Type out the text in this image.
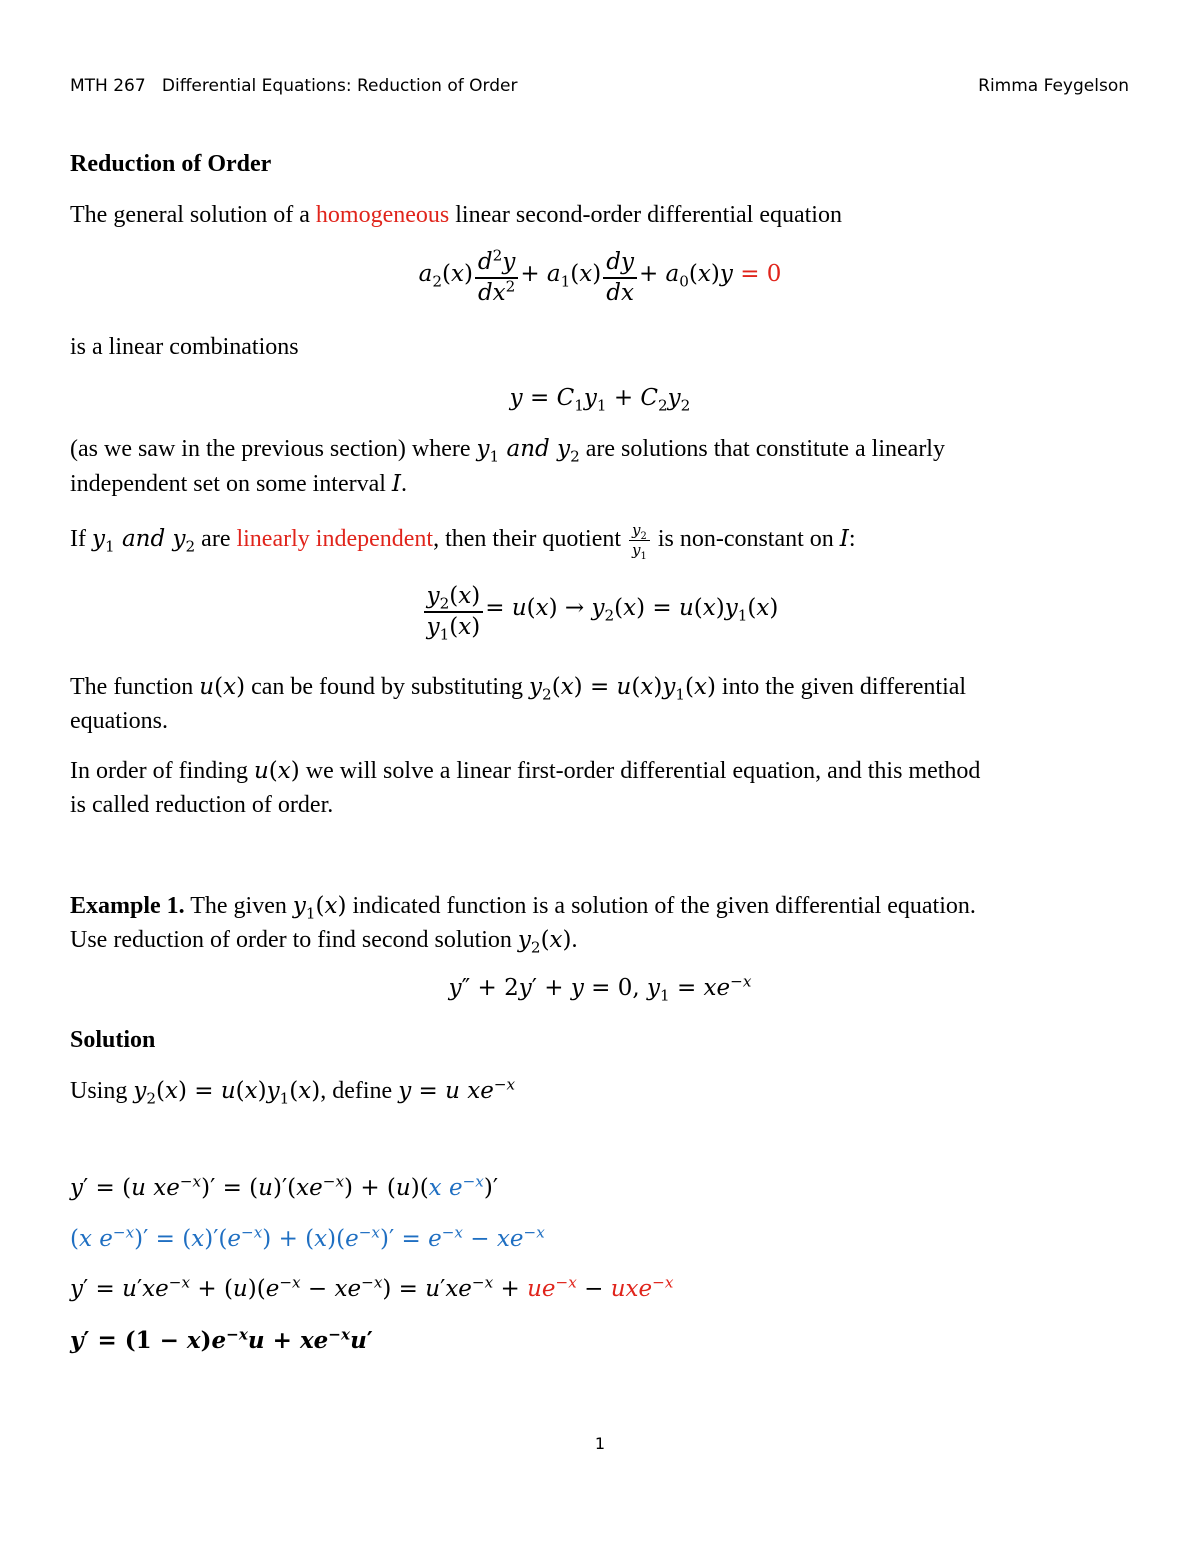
MTH 267 Differential Equations: Reduction of Order	Rimma Feygelson
Reduction of Order
The general solution of a homogeneous linear second-order differential equation
$a_2(x) \frac{d^2y}{dx^2} + a_1(x) \frac{dy}{dx} + a_0(x)y = 0$
is a linear combinations
$y = C_1y_1 + C_2y_2$
(as we saw in the previous section) where $y_1$ and $y_2$ are solutions that constitute a linearly
independent set on some interval I.
If $y_1$ and $y_2$ are linearly independent, then their quotient $\frac{y_2}{y_1}$ is non-constant on I:
$\frac{y_2(x)}{y_1(x)} = u(x) \to y_2(x) = u(x)y_1(x)$
The function u(x) can be found by substituting $y_2(x) = u(x)y_1(x)$ into the given differential
equations.
In order of finding u(x) we will solve a linear first-order differential equation, and this method
is called reduction of order.
Example 1. The given $y_1(x)$ indicated function is a solution of the given differential equation.
Use reduction of order to find second solution $y_2(x)$.
y″ + 2y′ + y = 0, $y_1 = xe^{-x}$
Solution
Using $y_2(x) = u(x)y_1(x)$, define y = u $xe^{-x}$
y′ = (u $xe^{-x})' = (u)'(xe^{-x}) + (u)(x$ $e^{-x})'$
(x $e^{-x})' = (x)'(e^{-x}) + (x)(e^{-x})' = e^{-x} - xe^{-x}$
$y' = u'xe^{-x} + (u)(e^{-x} - xe^{-x}) = u'xe^{-x} + ue^{-x} - uxe^{-x}$
$y' = (1 - x)e^{-x}u + xe^{-x}u'$
1
